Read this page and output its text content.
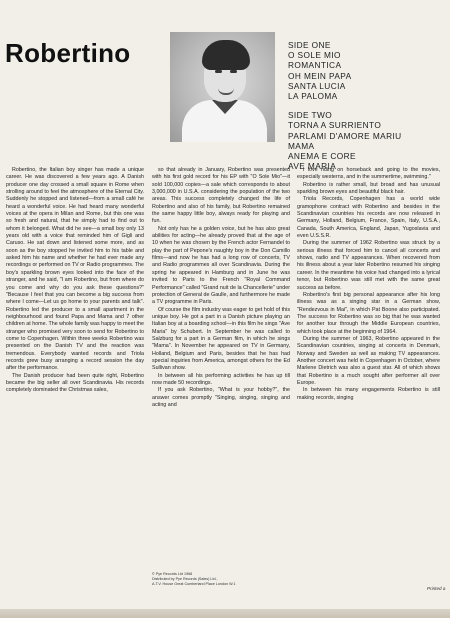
Robertino	SIDE ONE
O SOLE MIO
ROMANTICA
OH MEIN PAPA
SANTA LUCIA
LA PALOMA
SIDE TWO
TORNA A SURRIENTO
PARLAMI D'AMORE MARIU
MAMA
ANEMA E CORE
AVE MARIA

Robertino, the Italian boy singer has made a unique career. He was discovered a few years ago. A Danish producer one day crossed a small square in Rome when strolling around to feel the atmosphere of the Eternal City. Suddenly he stopped and listened—from a small café he heard a wonderful voice. He had heard many wonderful voices at the opera in Milan and Rome, but this one was so fresh and natural, that he simply had to find out to whom it belonged. What did he see—a small boy only 13 years old with a voice that reminded him of Gigli and Caruso. He sat down and listened some more, and as soon as the boy stopped he invited him to his table and asked him his name and whether he had ever made any recordings or performed on TV or Radio programmes. The boy's sparkling brown eyes looked into the face of the stranger, and he said, "I am Robertino, but from where do you come and why do you ask these questions?" "Because I feel that you can become a big success from where I come—Let us go home to your parents and talk". Robertino led the producer to a small apartment in the neighbourhood and found Papa and Mama and 7 other children at home. The whole family was happy to meet the stranger who promised very soon to send for Robertino to come to Copenhagen. Within three weeks Robertino was presented on the Danish TV and the reaction was tremendous. Everybody wanted records and Triola records grew busy arranging a record session the day after the performance.

The Danish producer had been quite right, Robertino became the big seller all over Scandinavia. His records completely dominated the Christmas sales,

so that already in January, Robertino was presented with his first gold record for his EP with "O Sole Mio"—it sold 100,000 copies—a sale which corresponds to about 3,000,000 in U.S.A. considering the population of the two areas. This success completely changed the life of Robertino and also of his family, but Robertino remained the same happy little boy, always ready for playing and fun.

Not only has he a golden voice, but he has also great abilities for acting—he already proved that at the age of 10 when he was chosen by the French actor Fernandel to play the part of Pepone's naughty boy in the Don Camillo films—and now he has had a long row of concerts, TV and Radio programmes all over Scandinavia. During the spring he appeared in Hamburg and in June he was invited to Paris to the French "Royal Command Performance" called "Grand nuit de la Chancellerie" under protection of General de Gaulle, and furthermore he made a TV programme in Paris.

Of course the film industry was eager to get hold of this unique boy. He got a part in a Danish picture playing an Italian boy at a boarding school—in this film he sings "Ave Maria" by Schubert. In September he was called to Salzburg for a part in a German film, in which he sings "Mama". In November he appeared on TV in Germany, Holland, Belgium and Paris, besides that he has had special inquiries from America, amongst others for the Ed Sullivan show.

In between all his performing activities he has up till now made 50 recordings.

If you ask Robertino, "What is your hobby?", the answer comes promptly "Singing, singing, singing and acting and

I love riding on horseback and going to the movies, especially westerns, and in the summertime, swimming."

Robertino is rather small, but broad and has unusual sparkling brown eyes and beautiful black hair.

Triola Records, Copenhagen has a world wide gramophone contract with Robertino and besides in the Scandinavian countries his records are now released in Germany, Holland, Belgium, France, Spain, Italy, U.S.A., Canada, South America, England, Japan, Yugoslavia and even U.S.S.R.

During the summer of 1962 Robertino was struck by a serious illness that forced him to cancel all concerts and shows, radio and TV appearances. When recovered from his illness about a year later Robertino resumed his singing career. In the meantime his voice had changed into a lyrical tenor, but Robertino was still met with the same great success as before.

Robertino's first big personal appearance after his long illness was as a singing star in a German show, "Rendezvous in Mai", in which Pat Boone also participated. The success for Robertino was so big that he was wanted for another tour through the Middle European countries, which took place at the beginning of 1964.

During the summer of 1963, Robertino appeared in the Scandinavian countries, singing at concerts in Denmark, Norway and Sweden as well as making TV appearances. Another concert was held in Copenhagen in October, where Marlene Dietrich was also a guest star. All of which shows that Robertino is a much sought after performer all over Europe.

In between his many engagements Robertino is still making records, singing

© Pye Records Ltd 1968
Distributed by Pye Records (Sales) Ltd.,
A.T.V. House Great Cumberland Place London W.1
Printed a
